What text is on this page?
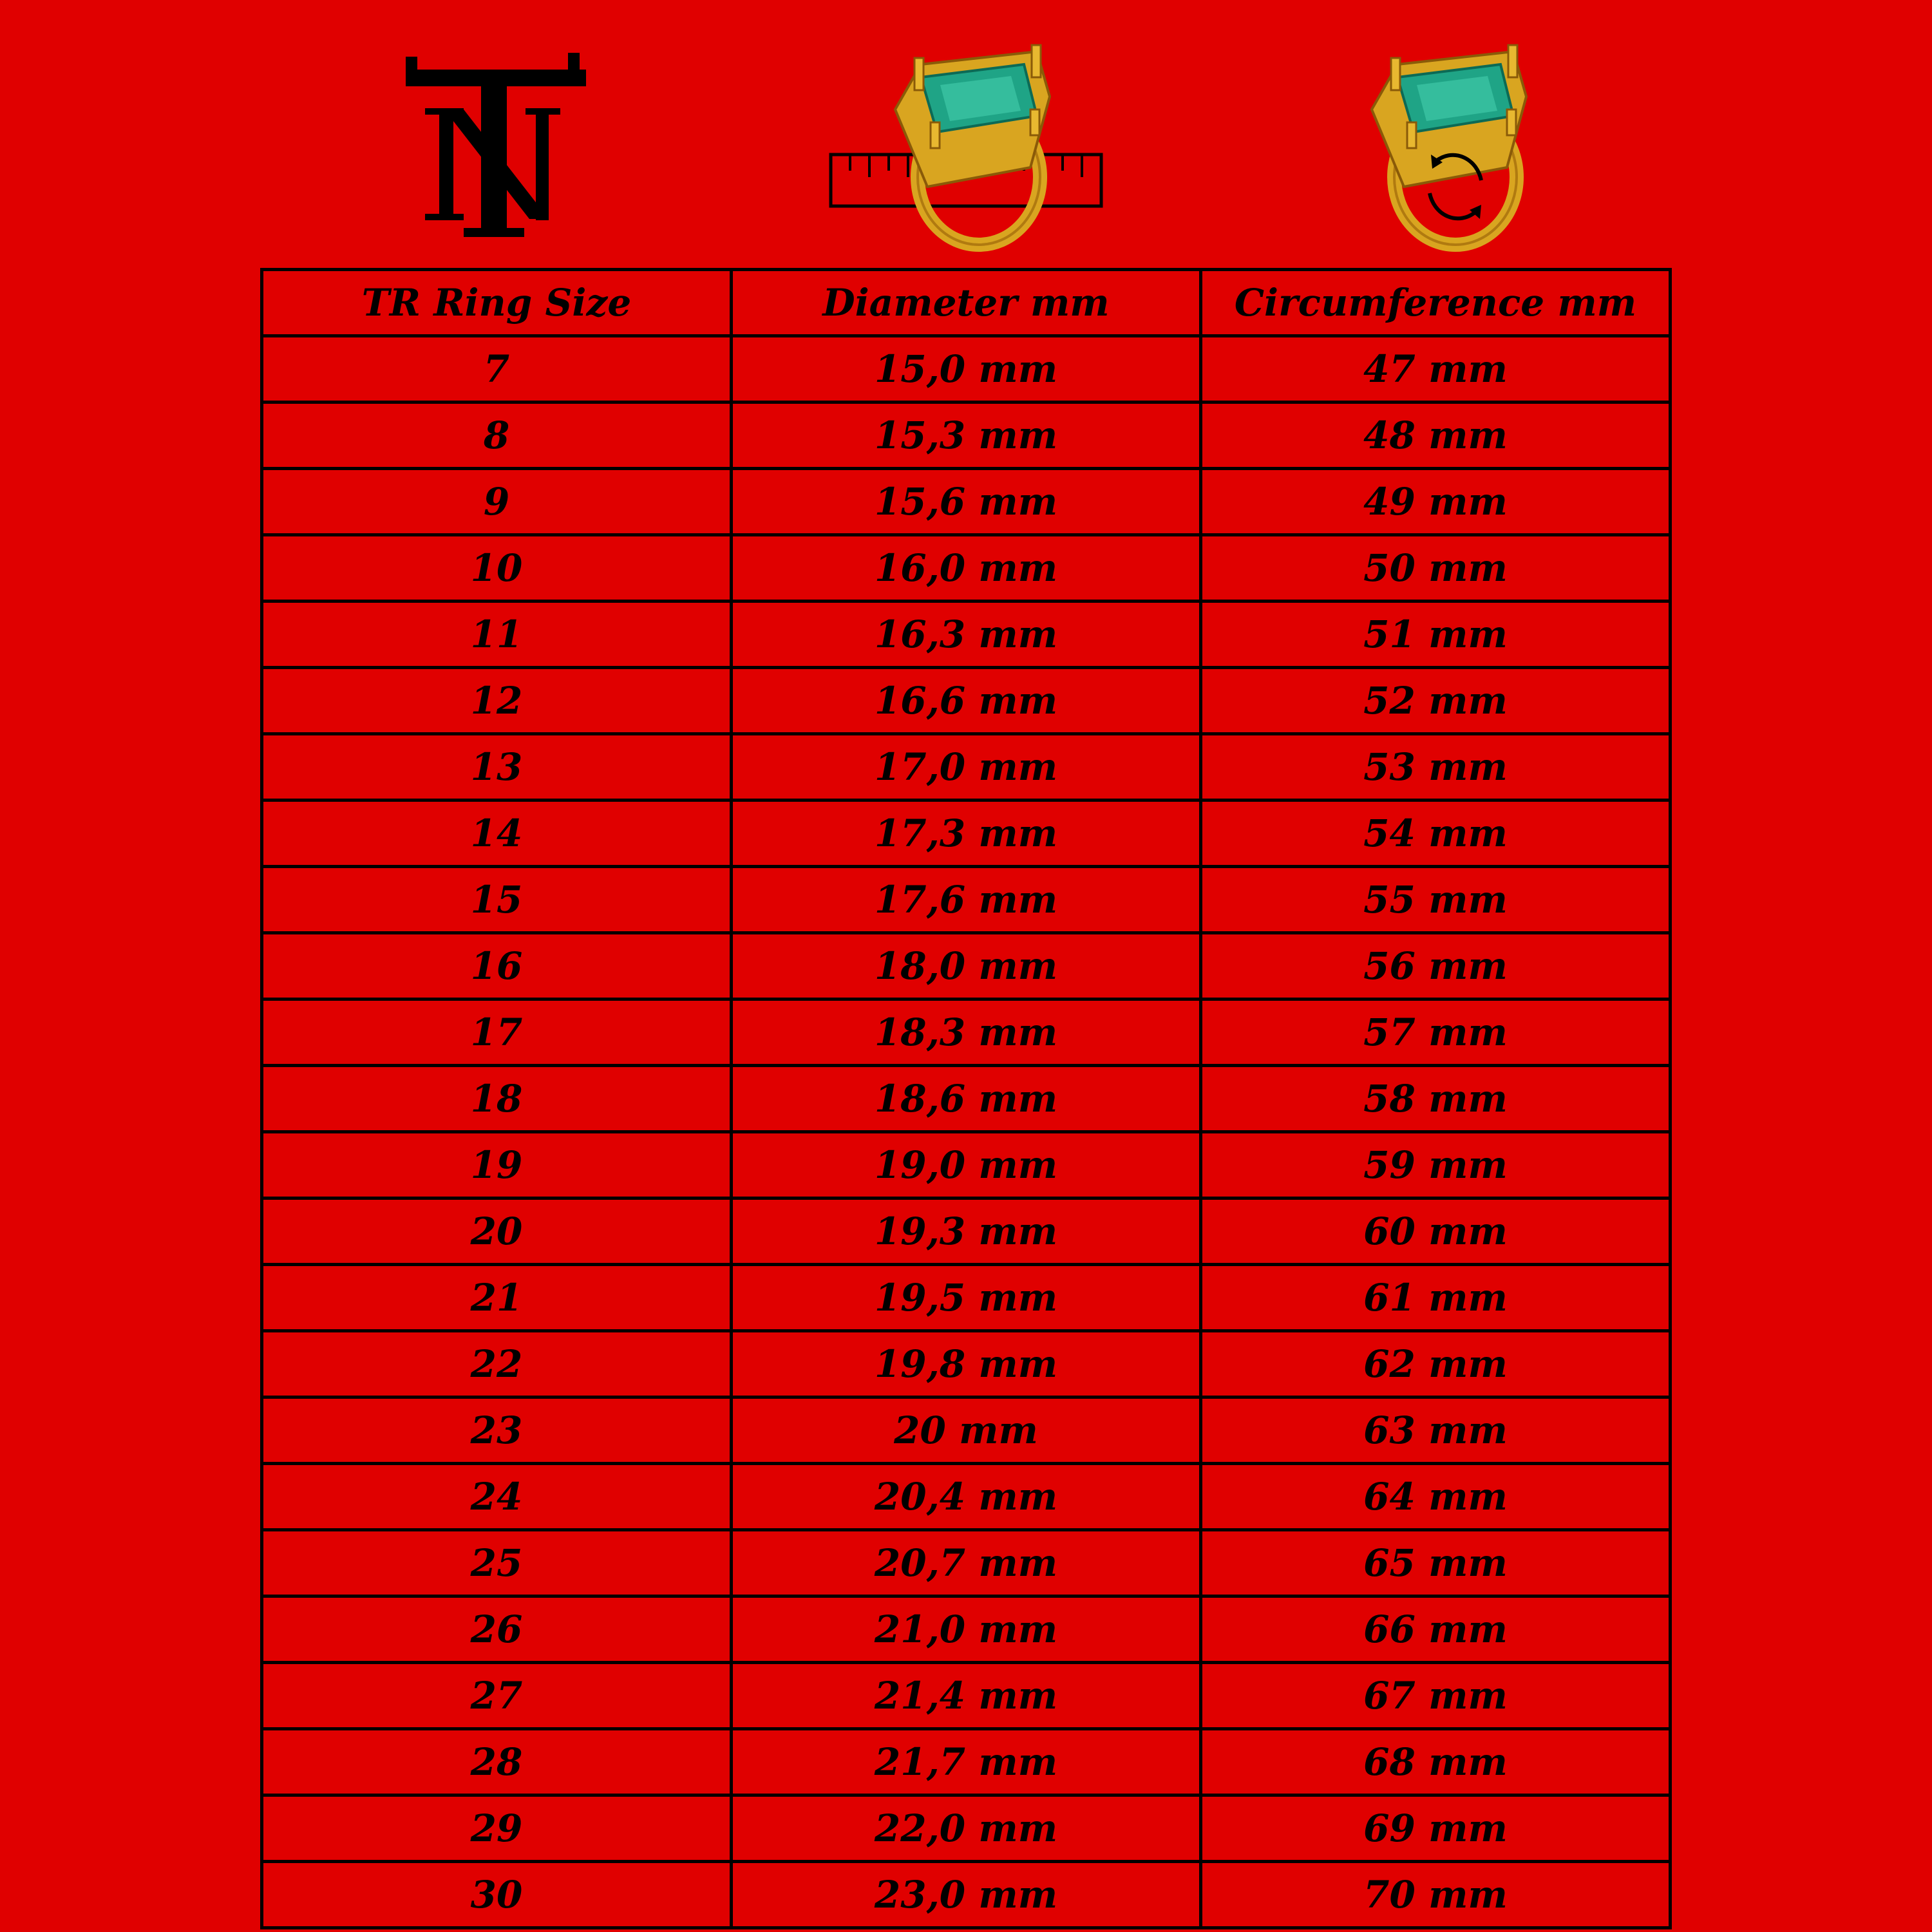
TR Ring Size	Diameter mm	Circumference mm
7	15,0 mm	47 mm
8	15,3 mm	48 mm
9	15,6 mm	49 mm
10	16,0 mm	50 mm
11	16,3 mm	51 mm
12	16,6 mm	52 mm
13	17,0 mm	53 mm
14	17,3 mm	54 mm
15	17,6 mm	55 mm
16	18,0 mm	56 mm
17	18,3 mm	57 mm
18	18,6 mm	58 mm
19	19,0 mm	59 mm
20	19,3 mm	60 mm
21	19,5 mm	61 mm
22	19,8 mm	62 mm
23	20 mm	63 mm
24	20,4 mm	64 mm
25	20,7 mm	65 mm
26	21,0 mm	66 mm
27	21,4 mm	67 mm
28	21,7 mm	68 mm
29	22,0 mm	69 mm
30	23,0 mm	70 mm
